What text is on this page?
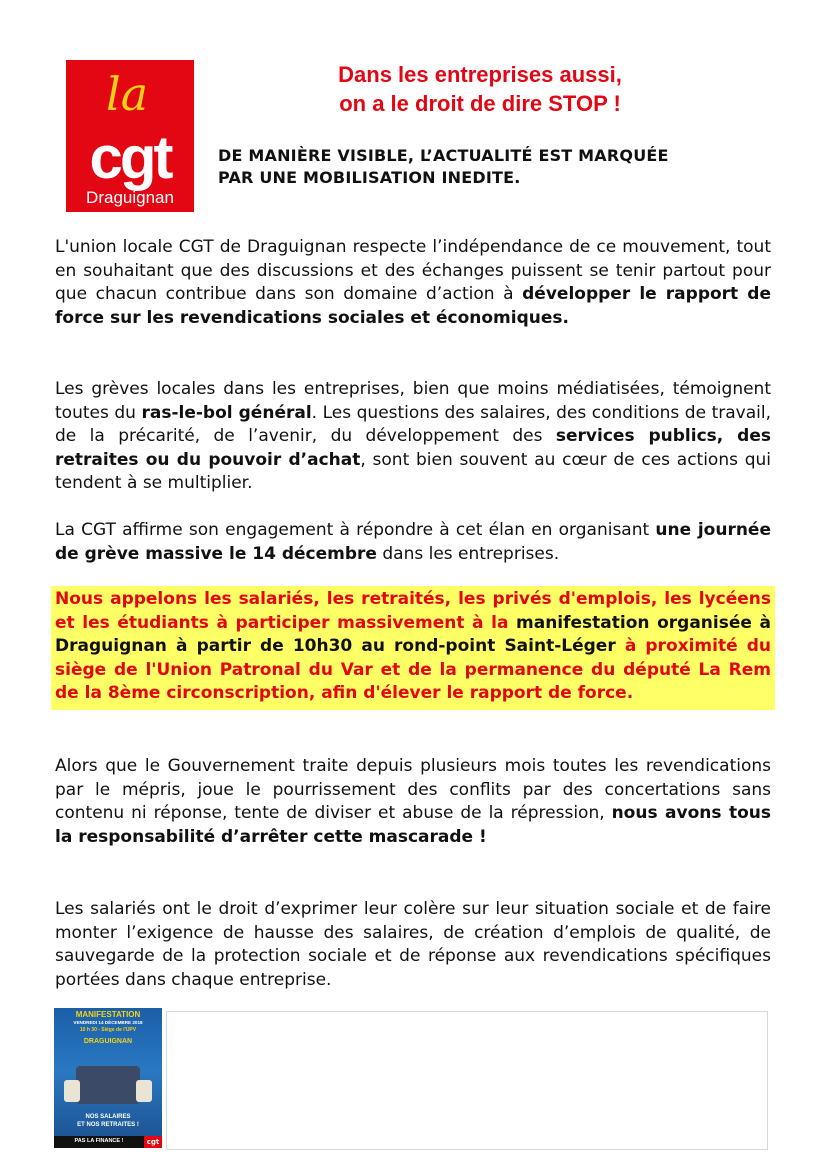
la
cgt
Draguignan
Dans les entreprises aussi,
on a le droit de dire STOP !
DE MANIÈRE VISIBLE, L’ACTUALITÉ EST MARQUÉE
PAR UNE MOBILISATION INEDITE.
L'union locale CGT de Draguignan respecte l’indépendance de ce mouvement, tout en souhaitant que des discussions et des échanges puissent se tenir partout pour que chacun contribue dans son domaine d’action à développer le rapport de force sur les revendications sociales et économiques.
Les grèves locales dans les entreprises, bien que moins médiatisées, témoignent toutes du ras-le-bol général. Les questions des salaires, des conditions de travail, de la précarité, de l’avenir, du développement des services publics, des retraites ou du pouvoir d’achat, sont bien souvent au cœur de ces actions qui tendent à se multiplier.
La CGT affirme son engagement à répondre à cet élan en organisant une journée de grève massive le 14 décembre dans les entreprises.
Nous appelons les salariés, les retraités, les privés d'emplois, les lycéens et les étudiants à participer massivement à la manifestation organisée à Draguignan à partir de 10h30 au rond-point Saint-Léger à proximité du siège de l'Union Patronal du Var et de la permanence du député La Rem de la 8ème circonscription, afin d'élever le rapport de force.
Alors que le Gouvernement traite depuis plusieurs mois toutes les revendications par le mépris, joue le pourrissement des conflits par des concertations sans contenu ni réponse, tente de diviser et abuse de la répression, nous avons tous la responsabilité d’arrêter cette mascarade !
Les salariés ont le droit d’exprimer leur colère sur leur situation sociale et de faire monter l’exigence de hausse des salaires, de création d’emplois de qualité, de sauvegarde de la protection sociale et de réponse aux revendications spécifiques portées dans chaque entreprise.
MANIFESTATION
VENDREDI 14 DÉCEMBRE 2018
10 h 30 - Siège de l'UPV
DRAGUIGNAN
NOS SALAIRES
ET NOS RETRAITES !
PAS LA FINANCE !	cgt
